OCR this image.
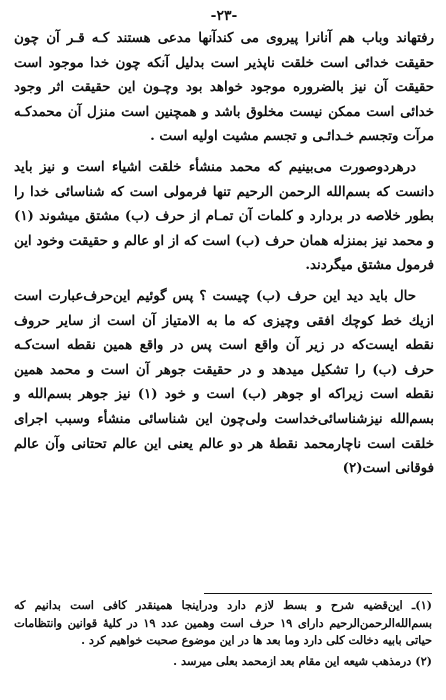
-٢٣-

رفتهاند وباب هم آنانرا پیروی می کندآنها مدعی هستند کـه قـر آن چون حقیقت خدائی است خلقت ناپذیر است بدلیل آنکه چون خدا موجود است حقیقت آن نیز بالضروره موجود خواهد بود وچـون این حقیقت اثر وجود خدائی است ممکن نیست مخلوق باشد و همچنین است منزل آن محمدکـه مرآت وتجسم خـدائـی و تجسم مشیت اولیه است .

درهردوصورت می‌بینیم که محمد منشأء خلقت اشیاء است و نیز باید دانست که بسم‌الله الرحمن الرحیم تنها فرمولی است که شناسائی خدا را بطور خلاصه در بردارد و کلمات آن تمـام از حرف (ب) مشتق میشوند (١) و محمد نیز بمنزله همان حرف (ب) است که از او عالم و حقیقت وخود این فرمول مشتق میگردند.

حال باید دید این حرف (ب) چیست ؟ پس گوئیم این‌حرف‌عبارت است ازیك خط كوچك افقی وچیزی كه ما به الامتیاز آن است از سایر حروف نقطه ایست‌كه در زیر آن واقع است پس در واقع همین نقطه است‌كـه حرف (ب) را تشكیل میدهد و در حقیقت جوهر آن است و محمد همین نقطه است زیراكه او جوهر (ب) است و خود (١) نیز جوهر بسم‌الله و بسم‌الله نیز‌شناسائی‌خداست و‌لی‌چون این شناسائی منشأء وسبب اجرای خلقت است ناچارمحمد نقطهٔ هر دو عالم یعنی این عالم تحتانی وآن عالم فوقانی است(٢)

(١)ـ این‌قضیه شرح و بسط لازم دارد ودراینجا همینقدر كافی است بدانیم كه بسم‌الله‌الرحمن‌الرحیم دارای ١٩ حرف است وهمین عدد ١٩ در كلیهٔ قوانین وانتظامات حیاتی بابیه دخالت كلی دارد وما بعد ها در این موضوع صحبت خواهیم كرد .

(٢) درمذهب شیعه این مقام بعد ازمحمد بعلی میرسد .
